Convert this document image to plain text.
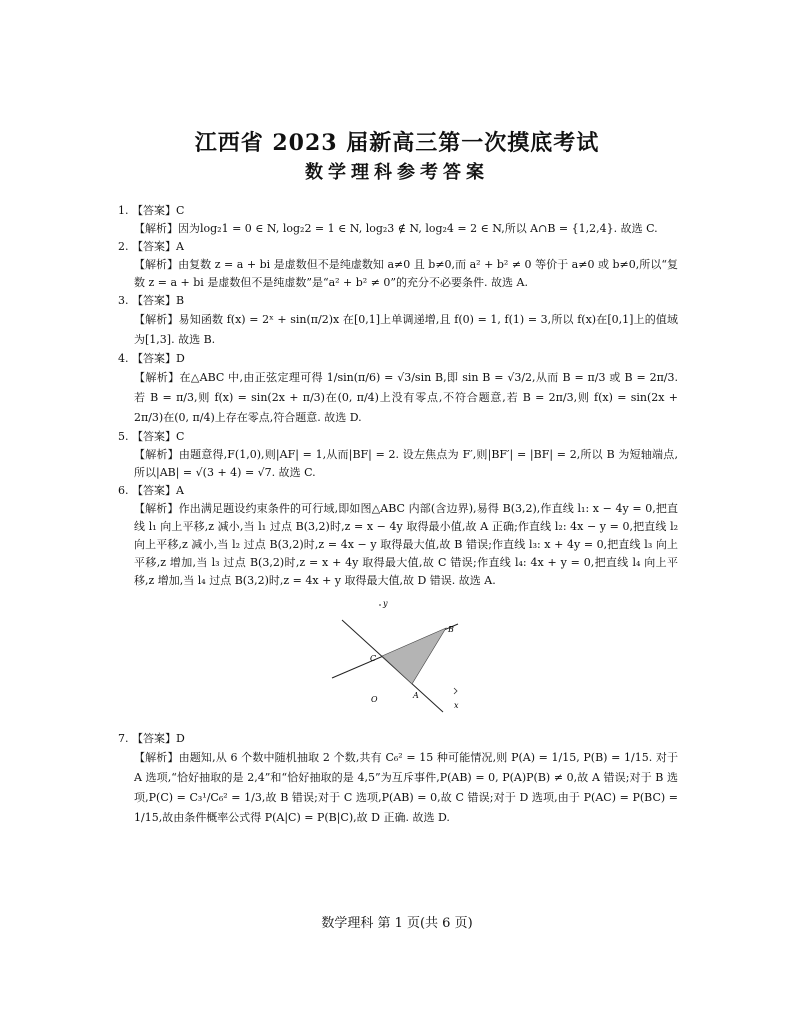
江西省 2023 届新高三第一次摸底考试
数学理科参考答案
1. 【答案】C
【解析】因为log₂1 = 0 ∈ N, log₂2 = 1 ∈ N, log₂3 ∉ N, log₂4 = 2 ∈ N,所以 A∩B = {1,2,4}. 故选 C.
2. 【答案】A
【解析】由复数 z = a + bi 是虚数但不是纯虚数知 a≠0 且 b≠0,而 a² + b² ≠ 0 等价于 a≠0 或 b≠0,所以“复数 z = a + bi 是虚数但不是纯虚数”是“a² + b² ≠ 0”的充分不必要条件. 故选 A.
3. 【答案】B
【解析】易知函数 f(x) = 2ˣ + sin(π/2)x 在[0,1]上单调递增,且 f(0) = 1, f(1) = 3,所以 f(x)在[0,1]上的值域为[1,3]. 故选 B.
4. 【答案】D
【解析】在△ABC 中,由正弦定理可得 1/sin(π/6) = √3/sin B,即 sin B = √3/2,从而 B = π/3 或 B = 2π/3. 若 B = π/3,则 f(x) = sin(2x + π/3)在(0, π/4)上没有零点,不符合题意,若 B = 2π/3,则 f(x) = sin(2x + 2π/3)在(0, π/4)上存在零点,符合题意. 故选 D.
5. 【答案】C
【解析】由题意得,F(1,0),则|AF| = 1,从而|BF| = 2. 设左焦点为 F′,则|BF′| = |BF| = 2,所以 B 为短轴端点,所以|AB| = √(3 + 4) = √7. 故选 C.
6. 【答案】A
【解析】作出满足题设约束条件的可行域,即如图△ABC 内部(含边界),易得 B(3,2),作直线 l₁: x − 4y = 0,把直线 l₁ 向上平移,z 减小,当 l₁ 过点 B(3,2)时,z = x − 4y 取得最小值,故 A 正确;作直线 l₂: 4x − y = 0,把直线 l₂ 向上平移,z 减小,当 l₂ 过点 B(3,2)时,z = 4x − y 取得最大值,故 B 错误;作直线 l₃: x + 4y = 0,把直线 l₃ 向上平移,z 增加,当 l₃ 过点 B(3,2)时,z = x + 4y 取得最大值,故 C 错误;作直线 l₄: 4x + y = 0,把直线 l₄ 向上平移,z 增加,当 l₄ 过点 B(3,2)时,z = 4x + y 取得最大值,故 D 错误. 故选 A.
y
x
C
B
A
O
7. 【答案】D
【解析】由题知,从 6 个数中随机抽取 2 个数,共有 C₆² = 15 种可能情况,则 P(A) = 1/15, P(B) = 1/15. 对于 A 选项,“恰好抽取的是 2,4”和“恰好抽取的是 4,5”为互斥事件,P(AB) = 0, P(A)P(B) ≠ 0,故 A 错误;对于 B 选项,P(C) = C₃¹/C₆² = 1/3,故 B 错误;对于 C 选项,P(AB) = 0,故 C 错误;对于 D 选项,由于 P(AC) = P(BC) = 1/15,故由条件概率公式得 P(A|C) = P(B|C),故 D 正确. 故选 D.
数学理科 第 1 页(共 6 页)
